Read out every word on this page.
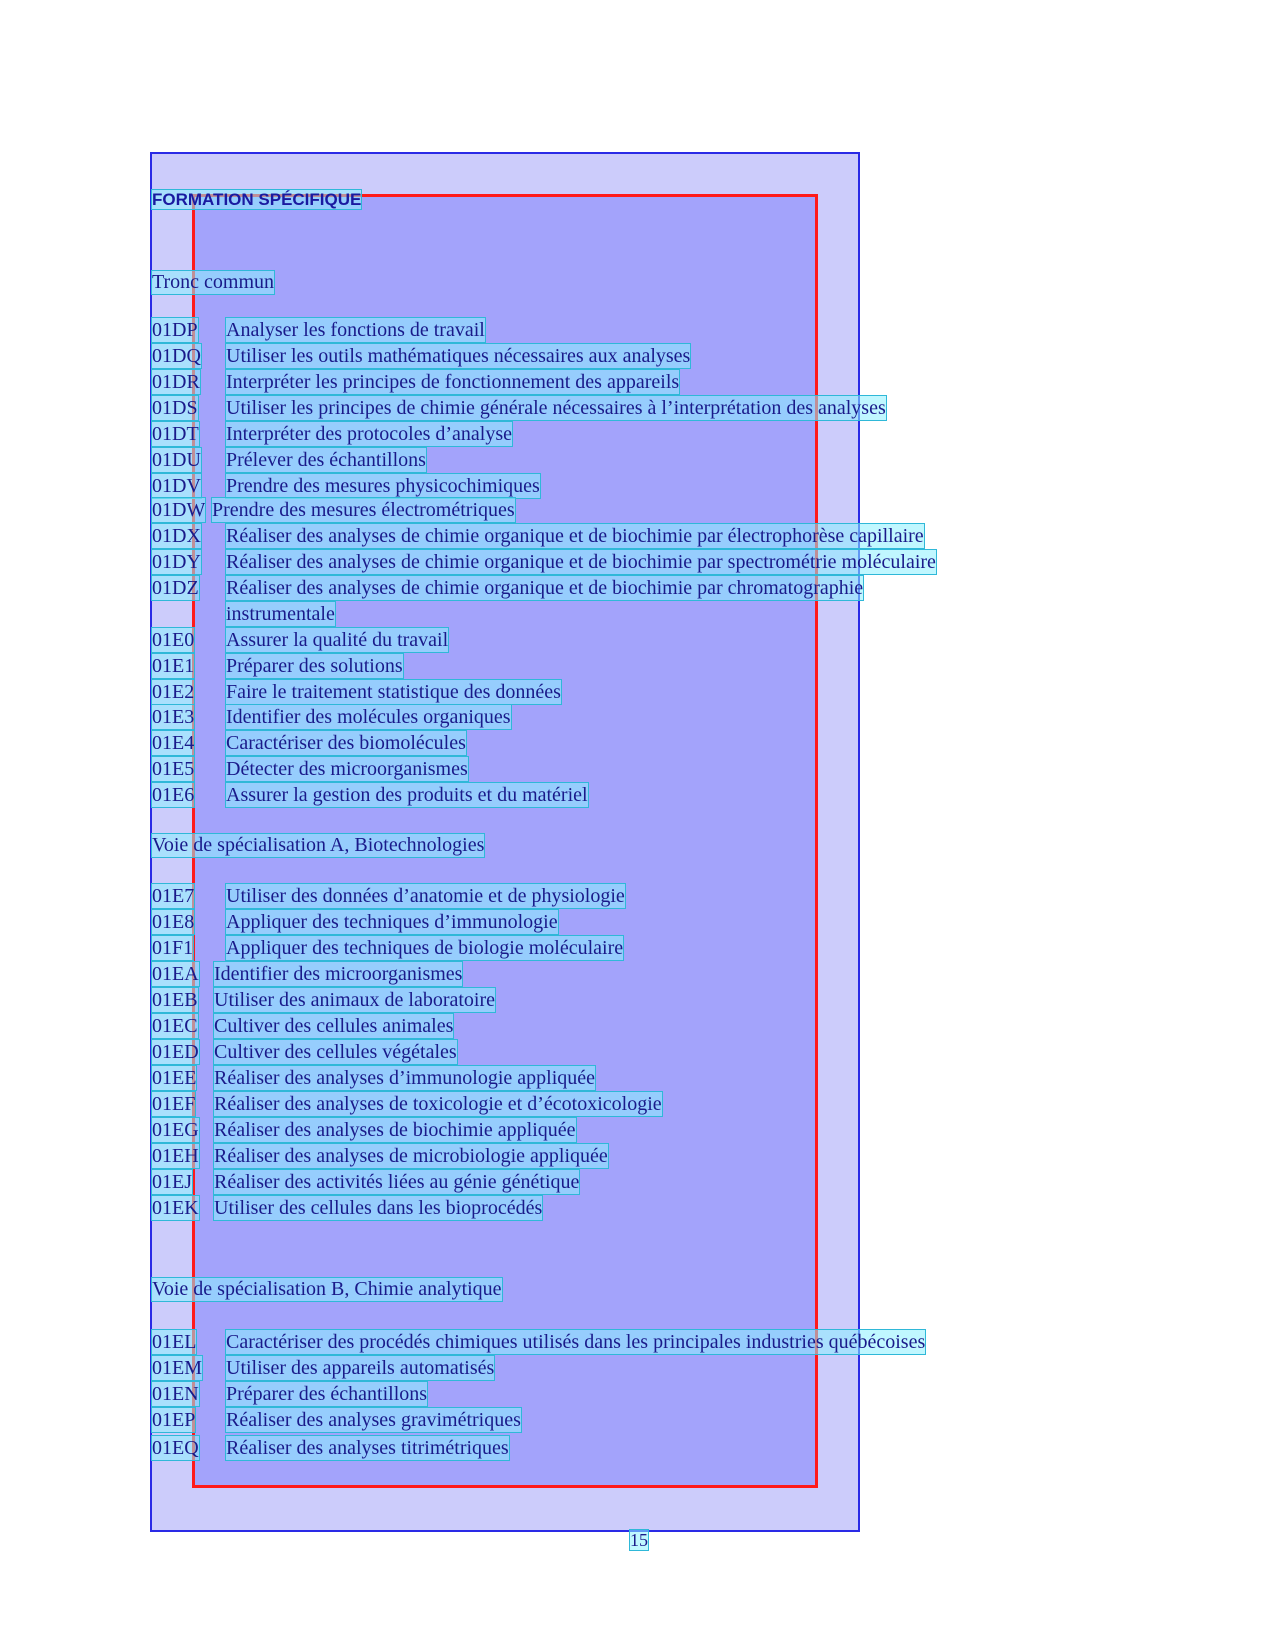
FORMATION SPÉCIFIQUE
Tronc commun
01DP Analyser les fonctions de travail
01DQ Utiliser les outils mathématiques nécessaires aux analyses
01DR Interpréter les principes de fonctionnement des appareils
01DS Utiliser les principes de chimie générale nécessaires à l’interprétation des analyses
01DT Interpréter des protocoles d’analyse
01DU Prélever des échantillons
01DV Prendre des mesures physicochimiques
01DW Prendre des mesures électrométriques
01DX Réaliser des analyses de chimie organique et de biochimie par électrophorèse capillaire
01DY Réaliser des analyses de chimie organique et de biochimie par spectrométrie moléculaire
01DZ Réaliser des analyses de chimie organique et de biochimie par chromatographie
instrumentale
01E0 Assurer la qualité du travail
01E1 Préparer des solutions
01E2 Faire le traitement statistique des données
01E3 Identifier des molécules organiques
01E4 Caractériser des biomolécules
01E5 Détecter des microorganismes
01E6 Assurer la gestion des produits et du matériel
Voie de spécialisation A, Biotechnologies
01E7 Utiliser des données d’anatomie et de physiologie
01E8 Appliquer des techniques d’immunologie
01F1 Appliquer des techniques de biologie moléculaire
01EA Identifier des microorganismes
01EB Utiliser des animaux de laboratoire
01EC Cultiver des cellules animales
01ED Cultiver des cellules végétales
01EE Réaliser des analyses d’immunologie appliquée
01EF Réaliser des analyses de toxicologie et d’écotoxicologie
01EG Réaliser des analyses de biochimie appliquée
01EH Réaliser des analyses de microbiologie appliquée
01EJ Réaliser des activités liées au génie génétique
01EK Utiliser des cellules dans les bioprocédés
Voie de spécialisation B, Chimie analytique
01EL Caractériser des procédés chimiques utilisés dans les principales industries québécoises
01EM Utiliser des appareils automatisés
01EN Préparer des échantillons
01EP Réaliser des analyses gravimétriques
01EQ Réaliser des analyses titrimétriques
15
